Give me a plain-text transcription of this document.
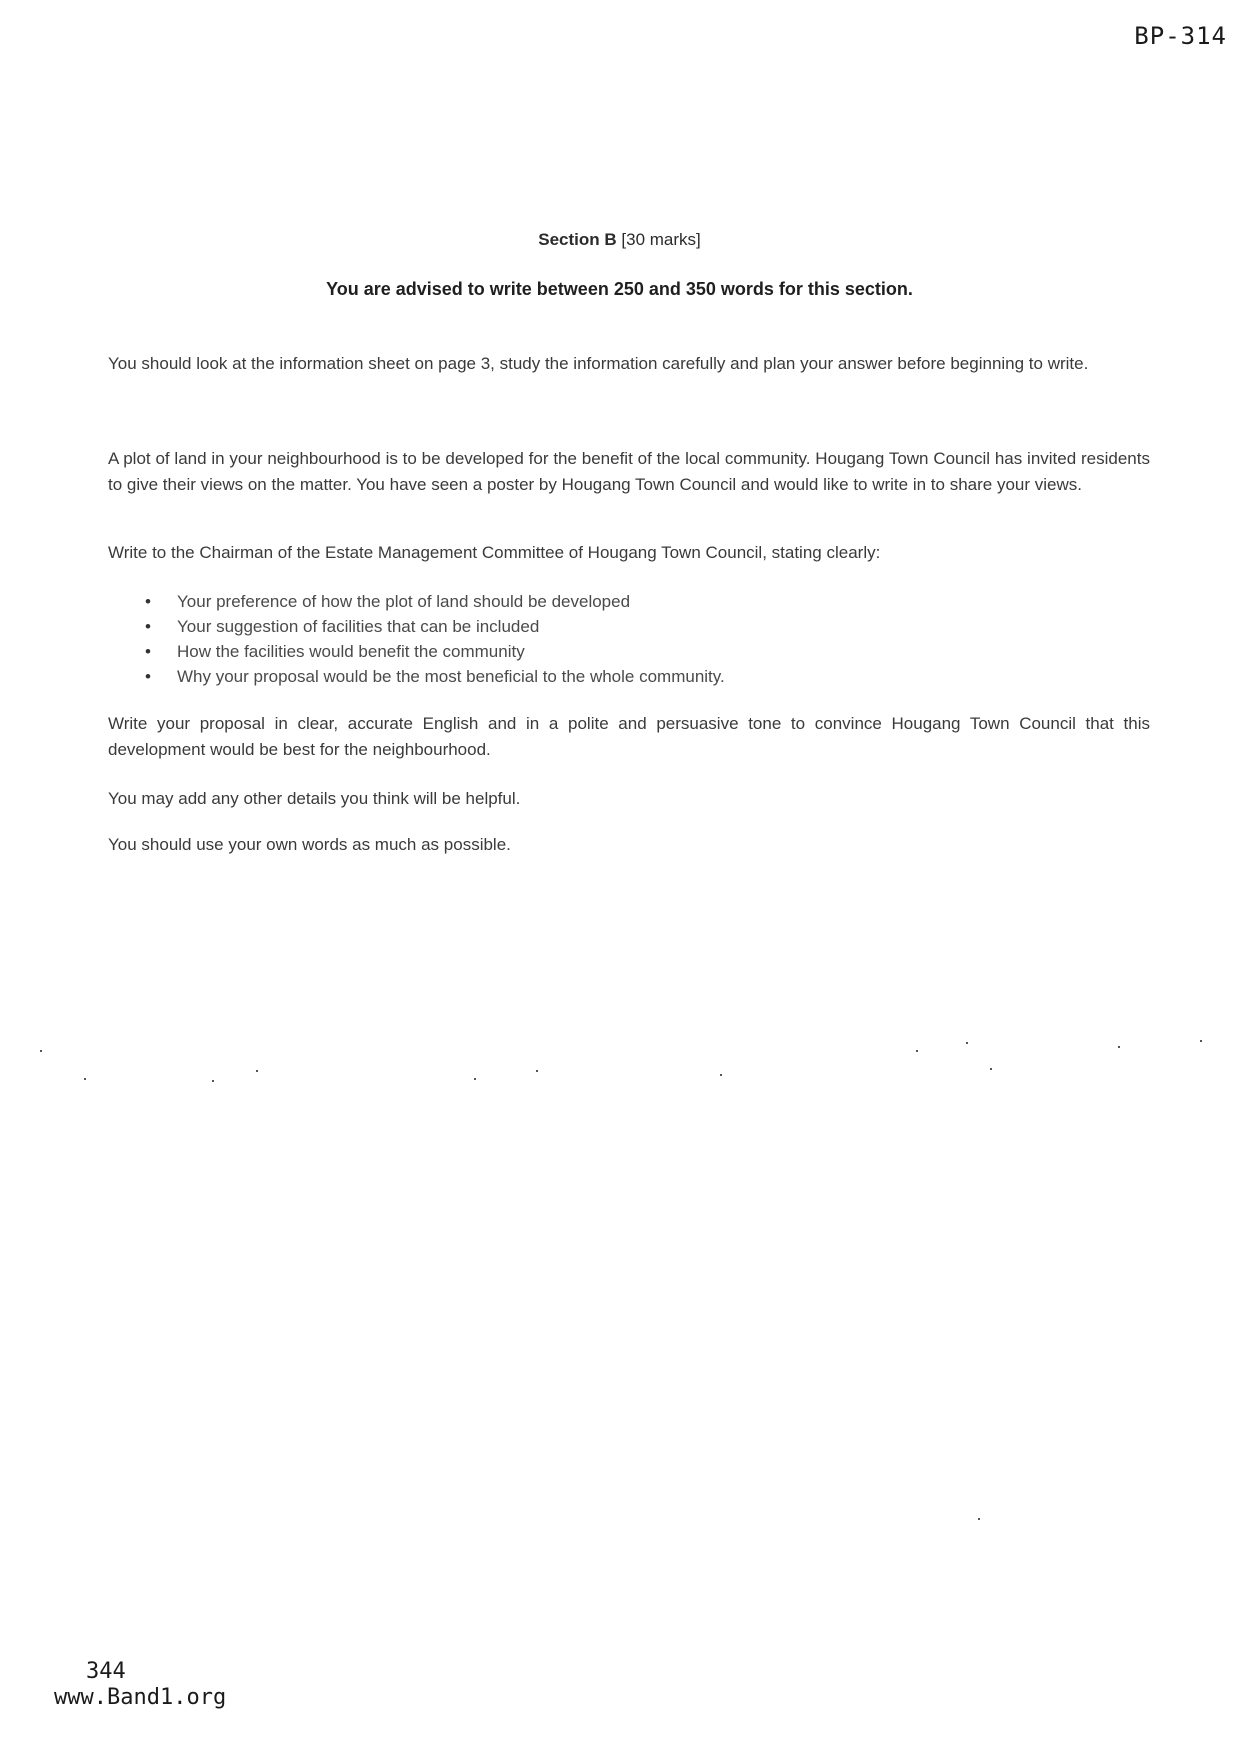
BP-314
Section B [30 marks]
You are advised to write between 250 and 350 words for this section.
You should look at the information sheet on page 3, study the information carefully and plan your answer before beginning to write.
A plot of land in your neighbourhood is to be developed for the benefit of the local community. Hougang Town Council has invited residents to give their views on the matter. You have seen a poster by Hougang Town Council and would like to write in to share your views.
Write to the Chairman of the Estate Management Committee of Hougang Town Council, stating clearly:
• Your preference of how the plot of land should be developed
• Your suggestion of facilities that can be included
• How the facilities would benefit the community
• Why your proposal would be the most beneficial to the whole community.
Write your proposal in clear, accurate English and in a polite and persuasive tone to convince Hougang Town Council that this development would be best for the neighbourhood.
You may add any other details you think will be helpful.
You should use your own words as much as possible.
344
www.Band1.org
